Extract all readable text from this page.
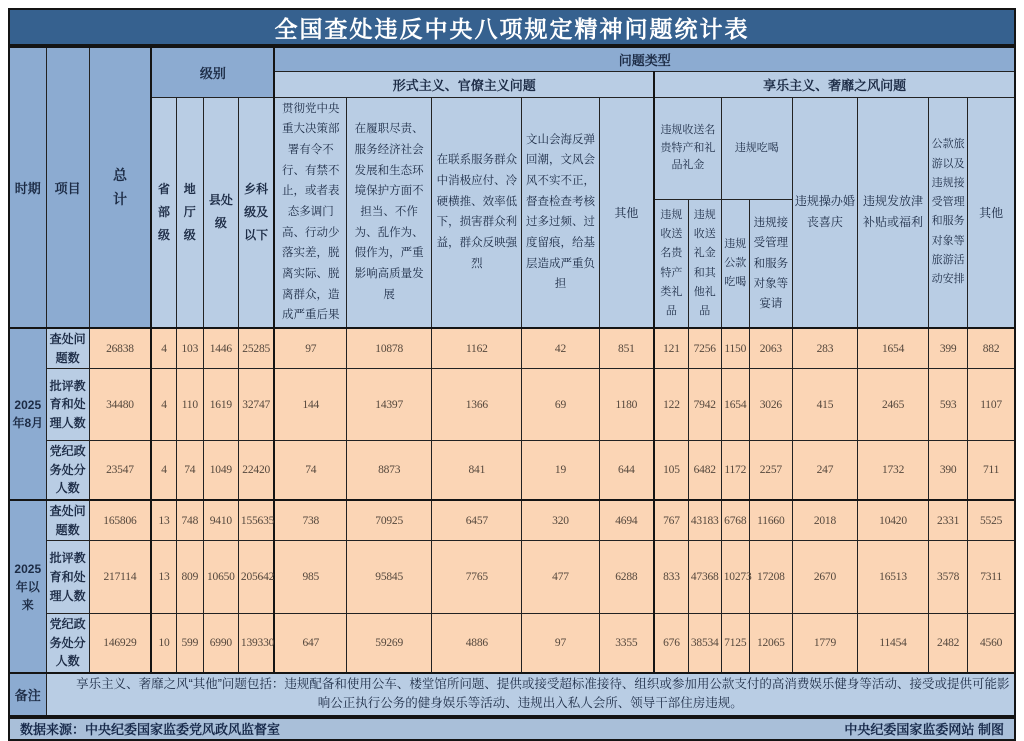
全国查处违反中央八项规定精神问题统计表
时期	项目	总计	级别				问题类型												
							形式主义、官僚主义问题					享乐主义、奢靡之风问题							
			省部级	地厅级	县处级	乡科级及以下	贯彻党中央重大决策部署有令不行、有禁不止，或者表态多调门高、行动少落实差，脱离实际、脱离群众，造成严重后果	在履职尽责、服务经济社会发展和生态环境保护方面不担当、不作为、乱作为、假作为，严重影响高质量发展	在联系服务群众中消极应付、冷硬横推、效率低下，损害群众利益，群众反映强烈	文山会海反弹回潮，文风会风不实不正，督查检查考核过多过频、过度留痕，给基层造成严重负担	其他	违规收送名贵特产和礼品礼金		违规吃喝		违规操办婚丧喜庆	违规发放津补贴或福利	公款旅游以及违规接受管理和服务对象等旅游活动安排	其他
												违规收送名贵特产类礼品	违规收送礼金和其他礼品	违规公款吃喝	违规接受管理和服务对象等宴请				
2025年8月	查处问题数	26838	4	103	1446	25285	97	10878	1162	42	851	121	7256	1150	2063	283	1654	399	882
	批评教育和处理人数	34480	4	110	1619	32747	144	14397	1366	69	1180	122	7942	1654	3026	415	2465	593	1107
	党纪政务处分人数	23547	4	74	1049	22420	74	8873	841	19	644	105	6482	1172	2257	247	1732	390	711
2025年以来	查处问题数	165806	13	748	9410	155635	738	70925	6457	320	4694	767	43183	6768	11660	2018	10420	2331	5525
	批评教育和处理人数	217114	13	809	10650	205642	985	95845	7765	477	6288	833	47368	10273	17208	2670	16513	3578	7311
	党纪政务处分人数	146929	10	599	6990	139330	647	59269	4886	97	3355	676	38534	7125	12065	1779	11454	2482	4560
备注	享乐主义、奢靡之风“其他”问题包括：违规配备和使用公车、楼堂馆所问题、提供或接受超标准接待、组织或参加用公款支付的高消费娱乐健身等活动、接受或提供可能影响公正执行公务的健身娱乐等活动、违规出入私人会所、领导干部住房违规。																		
数据来源：中央纪委国家监委党风政风监督室	中央纪委国家监委网站 制图
